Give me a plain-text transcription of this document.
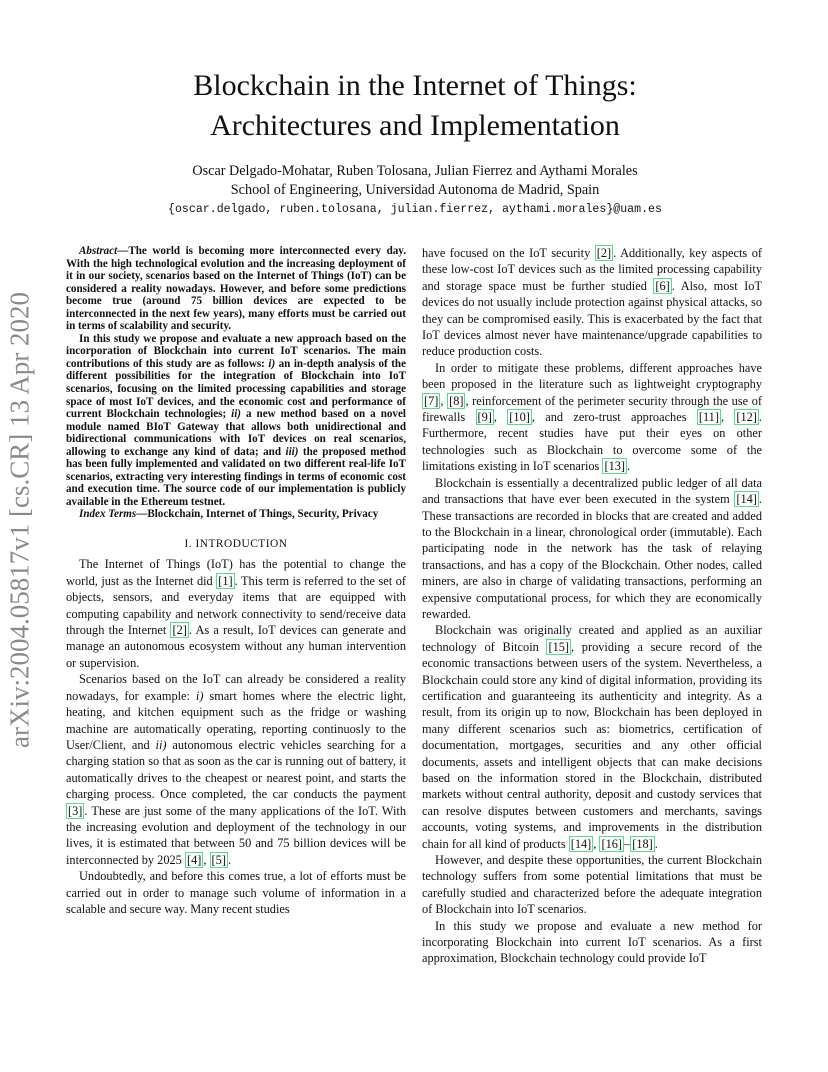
arXiv:2004.05817v1 [cs.CR] 13 Apr 2020
Blockchain in the Internet of Things:
Architectures and Implementation
Oscar Delgado-Mohatar, Ruben Tolosana, Julian Fierrez and Aythami Morales
School of Engineering, Universidad Autonoma de Madrid, Spain
{oscar.delgado, ruben.tolosana, julian.fierrez, aythami.morales}@uam.es

Abstract—The world is becoming more interconnected every day. With the high technological evolution and the increasing deployment of it in our society, scenarios based on the Internet of Things (IoT) can be considered a reality nowadays. However, and before some predictions become true (around 75 billion devices are expected to be interconnected in the next few years), many efforts must be carried out in terms of scalability and security.

In this study we propose and evaluate a new approach based on the incorporation of Blockchain into current IoT scenarios. The main contributions of this study are as follows: i) an in-depth analysis of the different possibilities for the integration of Blockchain into IoT scenarios, focusing on the limited processing capabilities and storage space of most IoT devices, and the economic cost and performance of current Blockchain technologies; ii) a new method based on a novel module named BIoT Gateway that allows both unidirectional and bidirectional communications with IoT devices on real scenarios, allowing to exchange any kind of data; and iii) the proposed method has been fully implemented and validated on two different real-life IoT scenarios, extracting very interesting findings in terms of economic cost and execution time. The source code of our implementation is publicly available in the Ethereum testnet.

Index Terms—Blockchain, Internet of Things, Security, Privacy

I. INTRODUCTION

The Internet of Things (IoT) has the potential to change the world, just as the Internet did [1] . This term is referred to the set of objects, sensors, and everyday items that are equipped with computing capability and network connectivity to send/receive data through the Internet [2] . As a result, IoT devices can generate and manage an autonomous ecosystem without any human intervention or supervision.

Scenarios based on the IoT can already be considered a reality nowadays, for example: i) smart homes where the electric light, heating, and kitchen equipment such as the fridge or washing machine are automatically operating, reporting continuosly to the User/Client, and ii) autonomous electric vehicles searching for a charging station so that as soon as the car is running out of battery, it automatically drives to the cheapest or nearest point, and starts the charging process. Once completed, the car conducts the payment [3] . These are just some of the many applications of the IoT. With the increasing evolution and deployment of the technology in our lives, it is estimated that between 50 and 75 billion devices will be interconnected by 2025 [4] , [5] .

Undoubtedly, and before this comes true, a lot of efforts must be carried out in order to manage such volume of information in a scalable and secure way. Many recent studies

have focused on the IoT security [2] . Additionally, key aspects of these low-cost IoT devices such as the limited processing capability and storage space must be further studied [6] . Also, most IoT devices do not usually include protection against physical attacks, so they can be compromised easily. This is exacerbated by the fact that IoT devices almost never have maintenance/upgrade capabilities to reduce production costs.

In order to mitigate these problems, different approaches have been proposed in the literature such as lightweight cryptography [7] , [8] , reinforcement of the perimeter security through the use of firewalls [9] , [10] , and zero-trust approaches [11] , [12] . Furthermore, recent studies have put their eyes on other technologies such as Blockchain to overcome some of the limitations existing in IoT scenarios [13] .

Blockchain is essentially a decentralized public ledger of all data and transactions that have ever been executed in the system [14] . These transactions are recorded in blocks that are created and added to the Blockchain in a linear, chronological order (immutable). Each participating node in the network has the task of relaying transactions, and has a copy of the Blockchain. Other nodes, called miners, are also in charge of validating transactions, performing an expensive computational process, for which they are economically rewarded.

Blockchain was originally created and applied as an auxiliar technology of Bitcoin [15] , providing a secure record of the economic transactions between users of the system. Nevertheless, a Blockchain could store any kind of digital information, providing its certification and guaranteeing its authenticity and integrity. As a result, from its origin up to now, Blockchain has been deployed in many different scenarios such as: biometrics, certification of documentation, mortgages, securities and any other official documents, assets and intelligent objects that can make decisions based on the information stored in the Blockchain, distributed markets without central authority, deposit and custody services that can resolve disputes between customers and merchants, savings accounts, voting systems, and improvements in the distribution chain for all kind of products [14] , [16] – [18] .

However, and despite these opportunities, the current Blockchain technology suffers from some potential limitations that must be carefully studied and characterized before the adequate integration of Blockchain into IoT scenarios.

In this study we propose and evaluate a new method for incorporating Blockchain into current IoT scenarios. As a first approximation, Blockchain technology could provide IoT
